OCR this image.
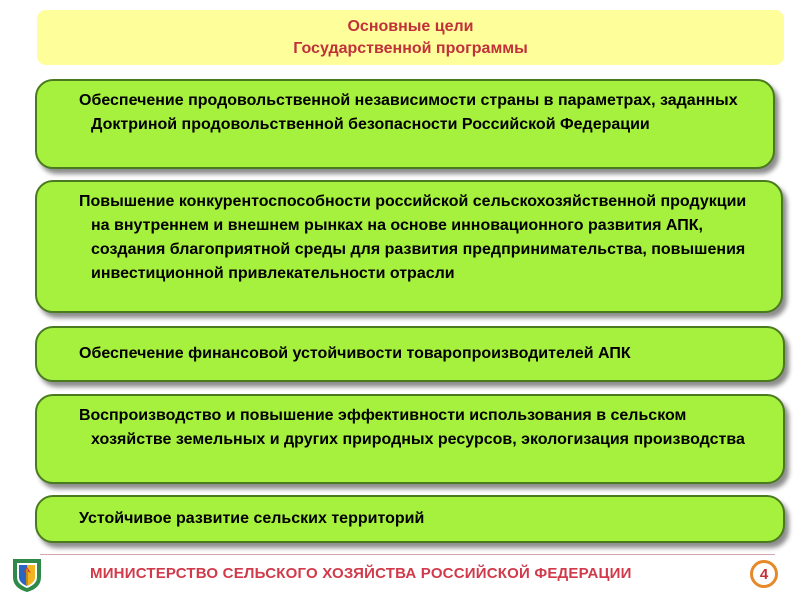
Основные цели
Государственной программы
Обеспечение продовольственной независимости страны в параметрах, заданных Доктриной продовольственной безопасности Российской Федерации
Повышение конкурентоспособности российской сельскохозяйственной продукции на внутреннем и внешнем рынках на основе инновационного развития АПК, создания благоприятной среды для развития предпринимательства, повышения инвестиционной привлекательности отрасли
Обеспечение финансовой устойчивости товаропроизводителей АПК
Воспроизводство и повышение эффективности использования в сельском хозяйстве земельных и других природных ресурсов, экологизация производства
Устойчивое развитие сельских территорий
МИНИСТЕРСТВО СЕЛЬСКОГО ХОЗЯЙСТВА РОССИЙСКОЙ ФЕДЕРАЦИИ	4
